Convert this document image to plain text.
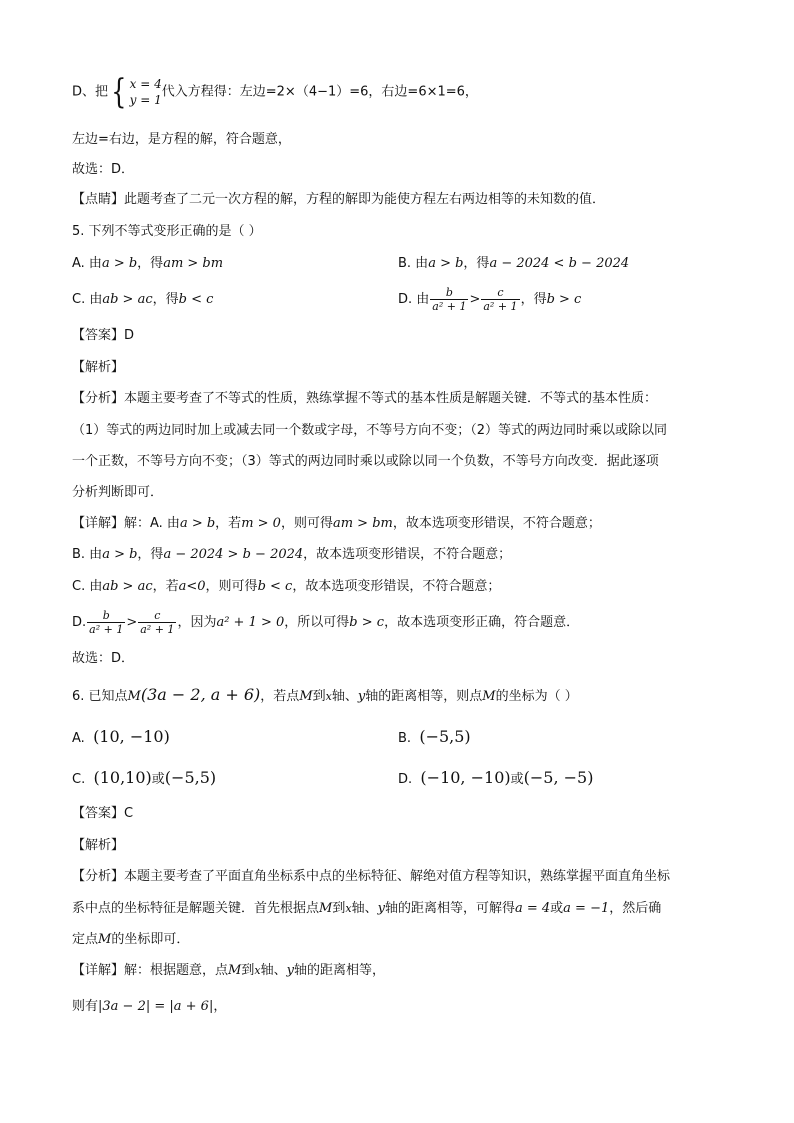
D、把{ x = 4
y = 1 代入方程得：左边=2×（4−1）=6，右边=6×1=6，
左边=右边，是方程的解，符合题意，
故选：D．
【点睛】此题考查了二元一次方程的解，方程的解即为能使方程左右两边相等的未知数的值．
5. 下列不等式变形正确的是（ ）
A. 由a > b，得am > bm	B. 由a > b，得a − 2024 < b − 2024
C. 由ab > ac，得b < c	D. 由 $\frac{b}{\text{a² + 1}} > \frac{c}{\text{a² + 1}}$ ，得b > c
【答案】D
【解析】
【分析】本题主要考查了不等式的性质，熟练掌握不等式的基本性质是解题关键．不等式的基本性质：
（1）等式的两边同时加上或减去同一个数或字母，不等号方向不变；（2）等式的两边同时乘以或除以同
一个正数，不等号方向不变；（3）等式的两边同时乘以或除以同一个负数，不等号方向改变．据此逐项
分析判断即可．
【详解】解：A. 由a > b，若m > 0，则可得am > bm，故本选项变形错误，不符合题意；
B. 由a > b，得a − 2024 > b − 2024，故本选项变形错误，不符合题意；
C. 由ab > ac，若a<0，则可得b < c，故本选项变形错误，不符合题意；
D. $\frac{b}{\text{a² + 1}} > \frac{c}{\text{a² + 1}}$ ，因为a² + 1 > 0，所以可得b > c，故本选项变形正确，符合题意．
故选：D．
6. 已知点M(3a − 2, a + 6)，若点M到x轴、y轴的距离相等，则点M的坐标为（ ）
A. (10, −10)	B. (−5,5)
C. (10,10)或(−5,5)	D. (−10, −10)或(−5, −5)
【答案】C
【解析】
【分析】本题主要考查了平面直角坐标系中点的坐标特征、解绝对值方程等知识，熟练掌握平面直角坐标
系中点的坐标特征是解题关键．首先根据点M到x轴、y轴的距离相等，可解得a = 4或a = −1，然后确
定点M的坐标即可．
【详解】解：根据题意，点M到x轴、y轴的距离相等，
则有|3a − 2| = |a + 6|，
